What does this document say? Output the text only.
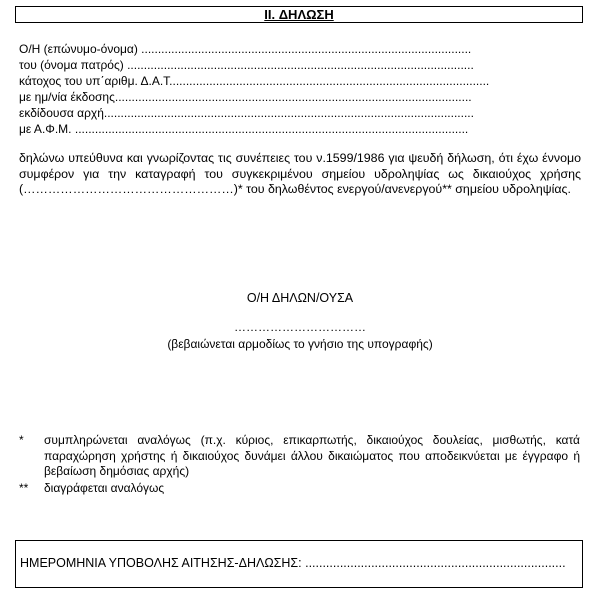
II. ΔΗΛΩΣΗ
Ο/Η (επώνυμο-όνομα) ...................................................................................................
του (όνομα πατρός) ........................................................................................................
κάτοχος του υπ΄αριθμ. Δ.Α.Τ................................................................................................
με ημ/νία έκδοσης...........................................................................................................
εκδίδουσα αρχή...............................................................................................................
με Α.Φ.Μ. ......................................................................................................................
δηλώνω υπεύθυνα και γνωρίζοντας τις συνέπειες του ν.1599/1986 για ψευδή δήλωση, ότι έχω έννομο συμφέρον για την καταγραφή του συγκεκριμένου σημείου υδροληψίας ως δικαιούχος χρήσης (……………………………………………)* του δηλωθέντος ενεργού/ανενεργού** σημείου υδροληψίας.
Ο/Η ΔΗΛΩΝ/ΟΥΣΑ
……………………………
(βεβαιώνεται αρμοδίως το γνήσιο της υπογραφής)
* συμπληρώνεται αναλόγως (π.χ. κύριος, επικαρπωτής, δικαιούχος δουλείας, μισθωτής, κατά παραχώρηση χρήστης ή δικαιούχος δυνάμει άλλου δικαιώματος που αποδεικνύεται με έγγραφο ή βεβαίωση δημόσιας αρχής)
** διαγράφεται αναλόγως
ΗΜΕΡΟΜΗΝΙΑ ΥΠΟΒΟΛΗΣ ΑΙΤΗΣΗΣ-ΔΗΛΩΣΗΣ: ...........................................................................
